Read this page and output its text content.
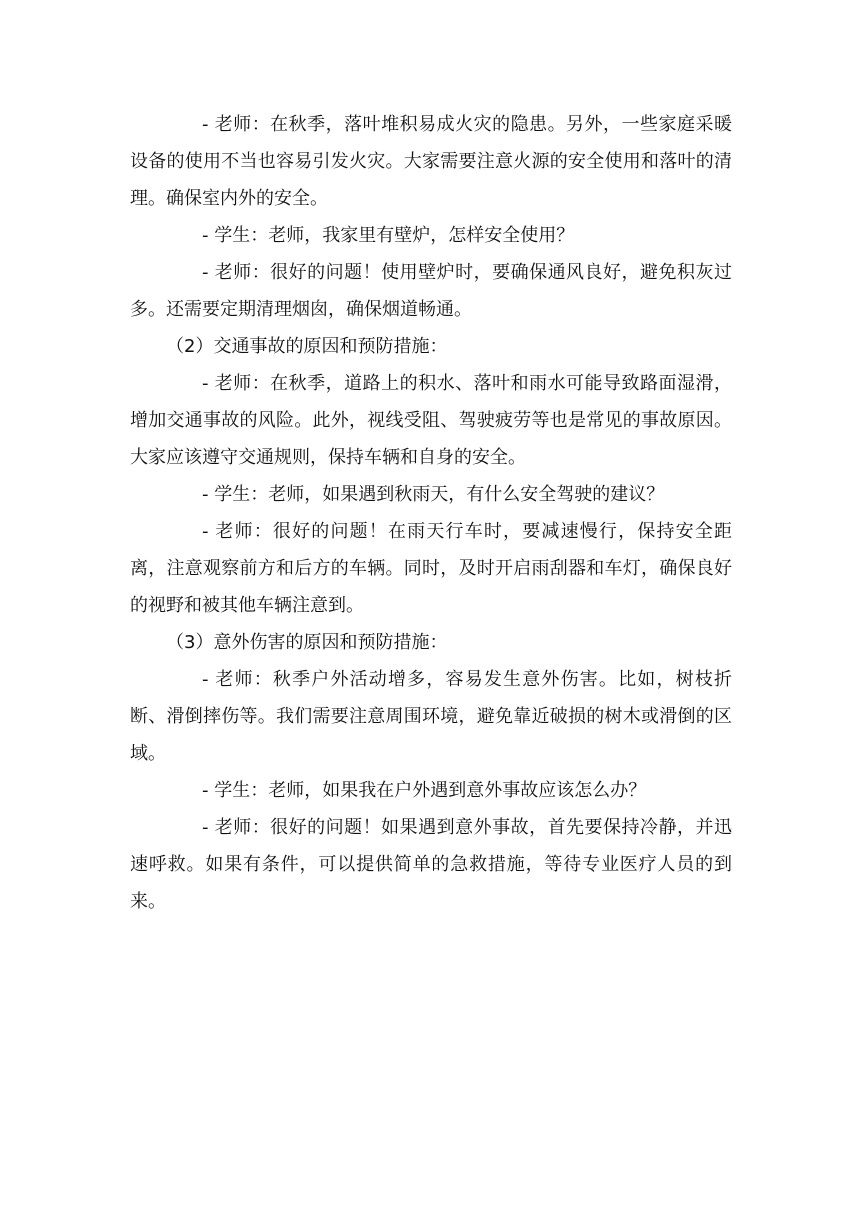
- 老师：在秋季，落叶堆积易成火灾的隐患。另外，一些家庭采暖设备的使用不当也容易引发火灾。大家需要注意火源的安全使用和落叶的清理。确保室内外的安全。

- 学生：老师，我家里有壁炉，怎样安全使用？

- 老师：很好的问题！使用壁炉时，要确保通风良好，避免积灰过多。还需要定期清理烟囱，确保烟道畅通。

（2）交通事故的原因和预防措施：

- 老师：在秋季，道路上的积水、落叶和雨水可能导致路面湿滑，增加交通事故的风险。此外，视线受阻、驾驶疲劳等也是常见的事故原因。大家应该遵守交通规则，保持车辆和自身的安全。

- 学生：老师，如果遇到秋雨天，有什么安全驾驶的建议？

- 老师：很好的问题！在雨天行车时，要减速慢行，保持安全距离，注意观察前方和后方的车辆。同时，及时开启雨刮器和车灯，确保良好的视野和被其他车辆注意到。

（3）意外伤害的原因和预防措施：

- 老师：秋季户外活动增多，容易发生意外伤害。比如，树枝折断、滑倒摔伤等。我们需要注意周围环境，避免靠近破损的树木或滑倒的区域。

- 学生：老师，如果我在户外遇到意外事故应该怎么办？

- 老师：很好的问题！如果遇到意外事故，首先要保持冷静，并迅速呼救。如果有条件，可以提供简单的急救措施，等待专业医疗人员的到来。
